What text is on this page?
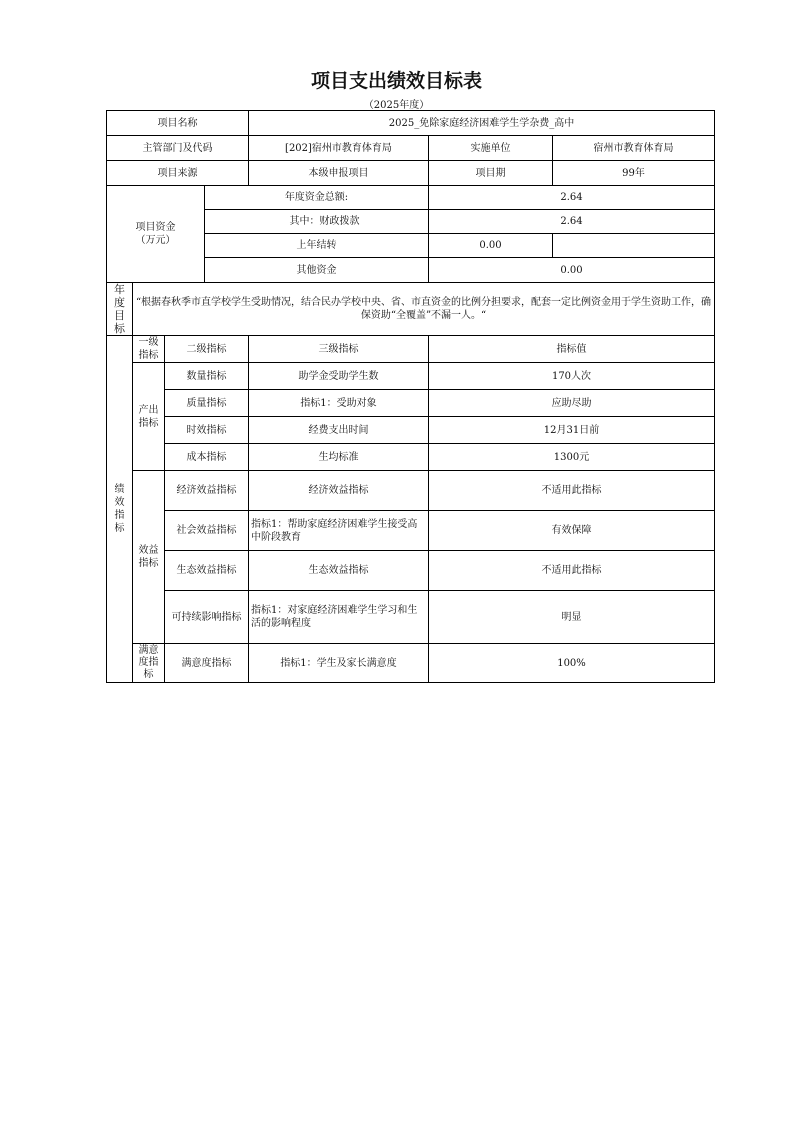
项目支出绩效目标表
（2025年度）
项目名称				2025_免除家庭经济困难学生学杂费_高中		
主管部门及代码				[202]宿州市教育体育局	实施单位	宿州市教育体育局
项目来源				本级申报项目	项目期	99年
项目资金
（万元）			年度资金总额:		2.64	
			其中：财政拨款		2.64	
			上年结转		0.00	
			其他资金		0.00	
年度目标	“根据春秋季市直学校学生受助情况，结合民办学校中央、省、市直资金的比例分担要求，配套一定比例资金用于学生资助工作，确保资助“全覆盖”不漏一人。“					

绩效指标	一级指标	二级指标		三级指标	指标值	

	产出指标	数量指标		助学金受助学生数	170人次	
		质量指标		指标1：受助对象	应助尽助	
		时效指标		经费支出时间	12月31日前	
		成本指标		生均标准	1300元	

	效益指标	经济效益指标		经济效益指标	不适用此指标	
		社会效益指标		指标1：帮助家庭经济困难学生接受高中阶段教育	有效保障	
		生态效益指标		生态效益指标	不适用此指标	
		可持续影响指标		指标1：对家庭经济困难学生学习和生活的影响程度	明显	

	满意度指标	满意度指标		指标1：学生及家长满意度	100%	
